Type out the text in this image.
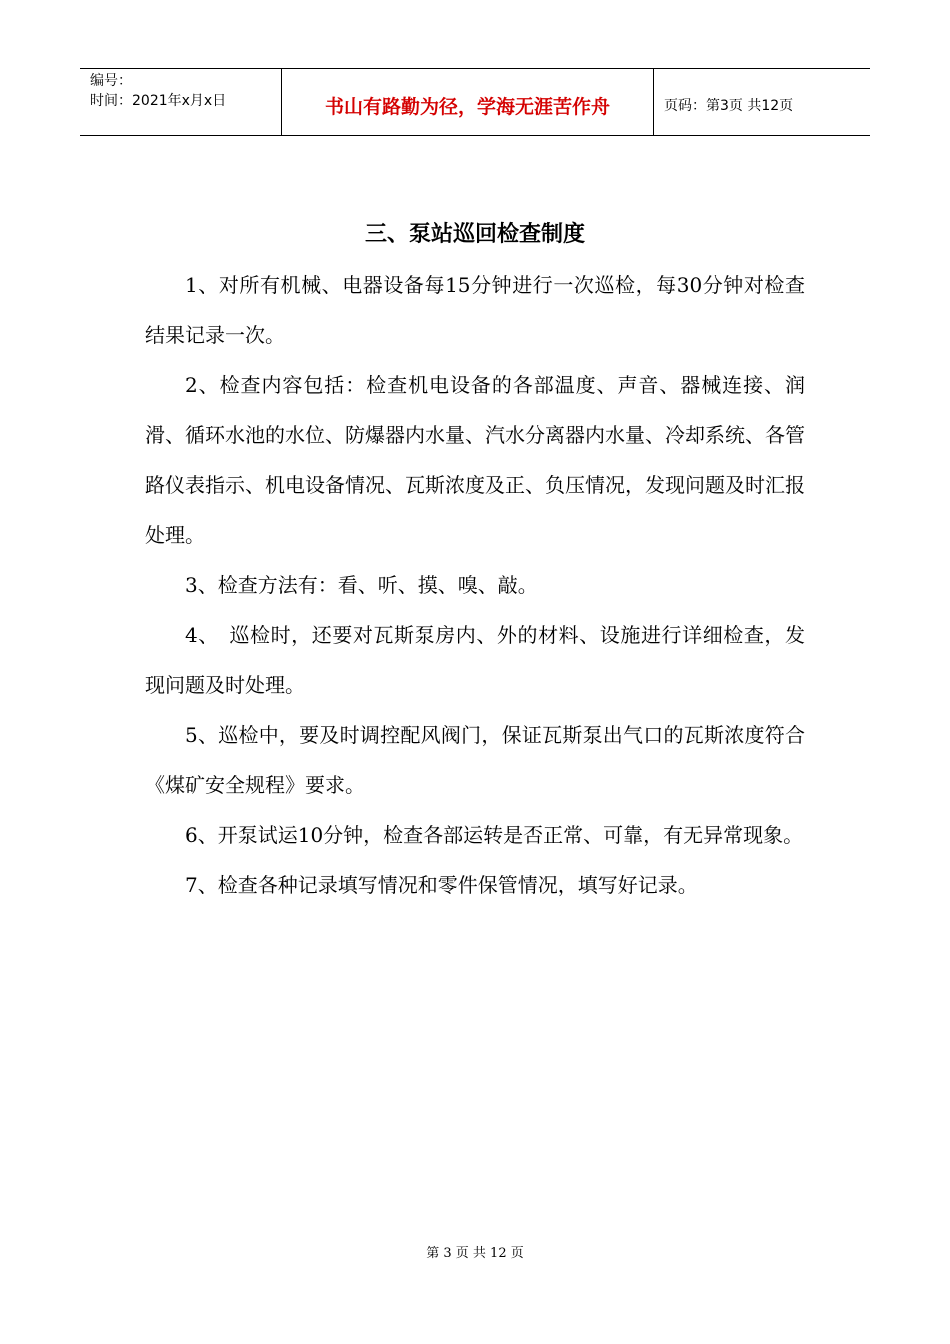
编号：
时间：2021年x月x日	书山有路勤为径，学海无涯苦作舟	页码：第3页 共12页
三、泵站巡回检查制度

1、对所有机械、电器设备每15分钟进行一次巡检，每30分钟对检查结果记录一次。

2、检查内容包括：检查机电设备的各部温度、声音、器械连接、润滑、循环水池的水位、防爆器内水量、汽水分离器内水量、冷却系统、各管路仪表指示、机电设备情况、瓦斯浓度及正、负压情况，发现问题及时汇报处理。

3、检查方法有：看、听、摸、嗅、敲。

4、　巡检时，还要对瓦斯泵房内、外的材料、设施进行详细检查，发现问题及时处理。

5、巡检中，要及时调控配风阀门，保证瓦斯泵出气口的瓦斯浓度符合《煤矿安全规程》要求。

6、开泵试运10分钟，检查各部运转是否正常、可靠，有无异常现象。

7、检查各种记录填写情况和零件保管情况，填写好记录。

第 3 页 共 12 页
